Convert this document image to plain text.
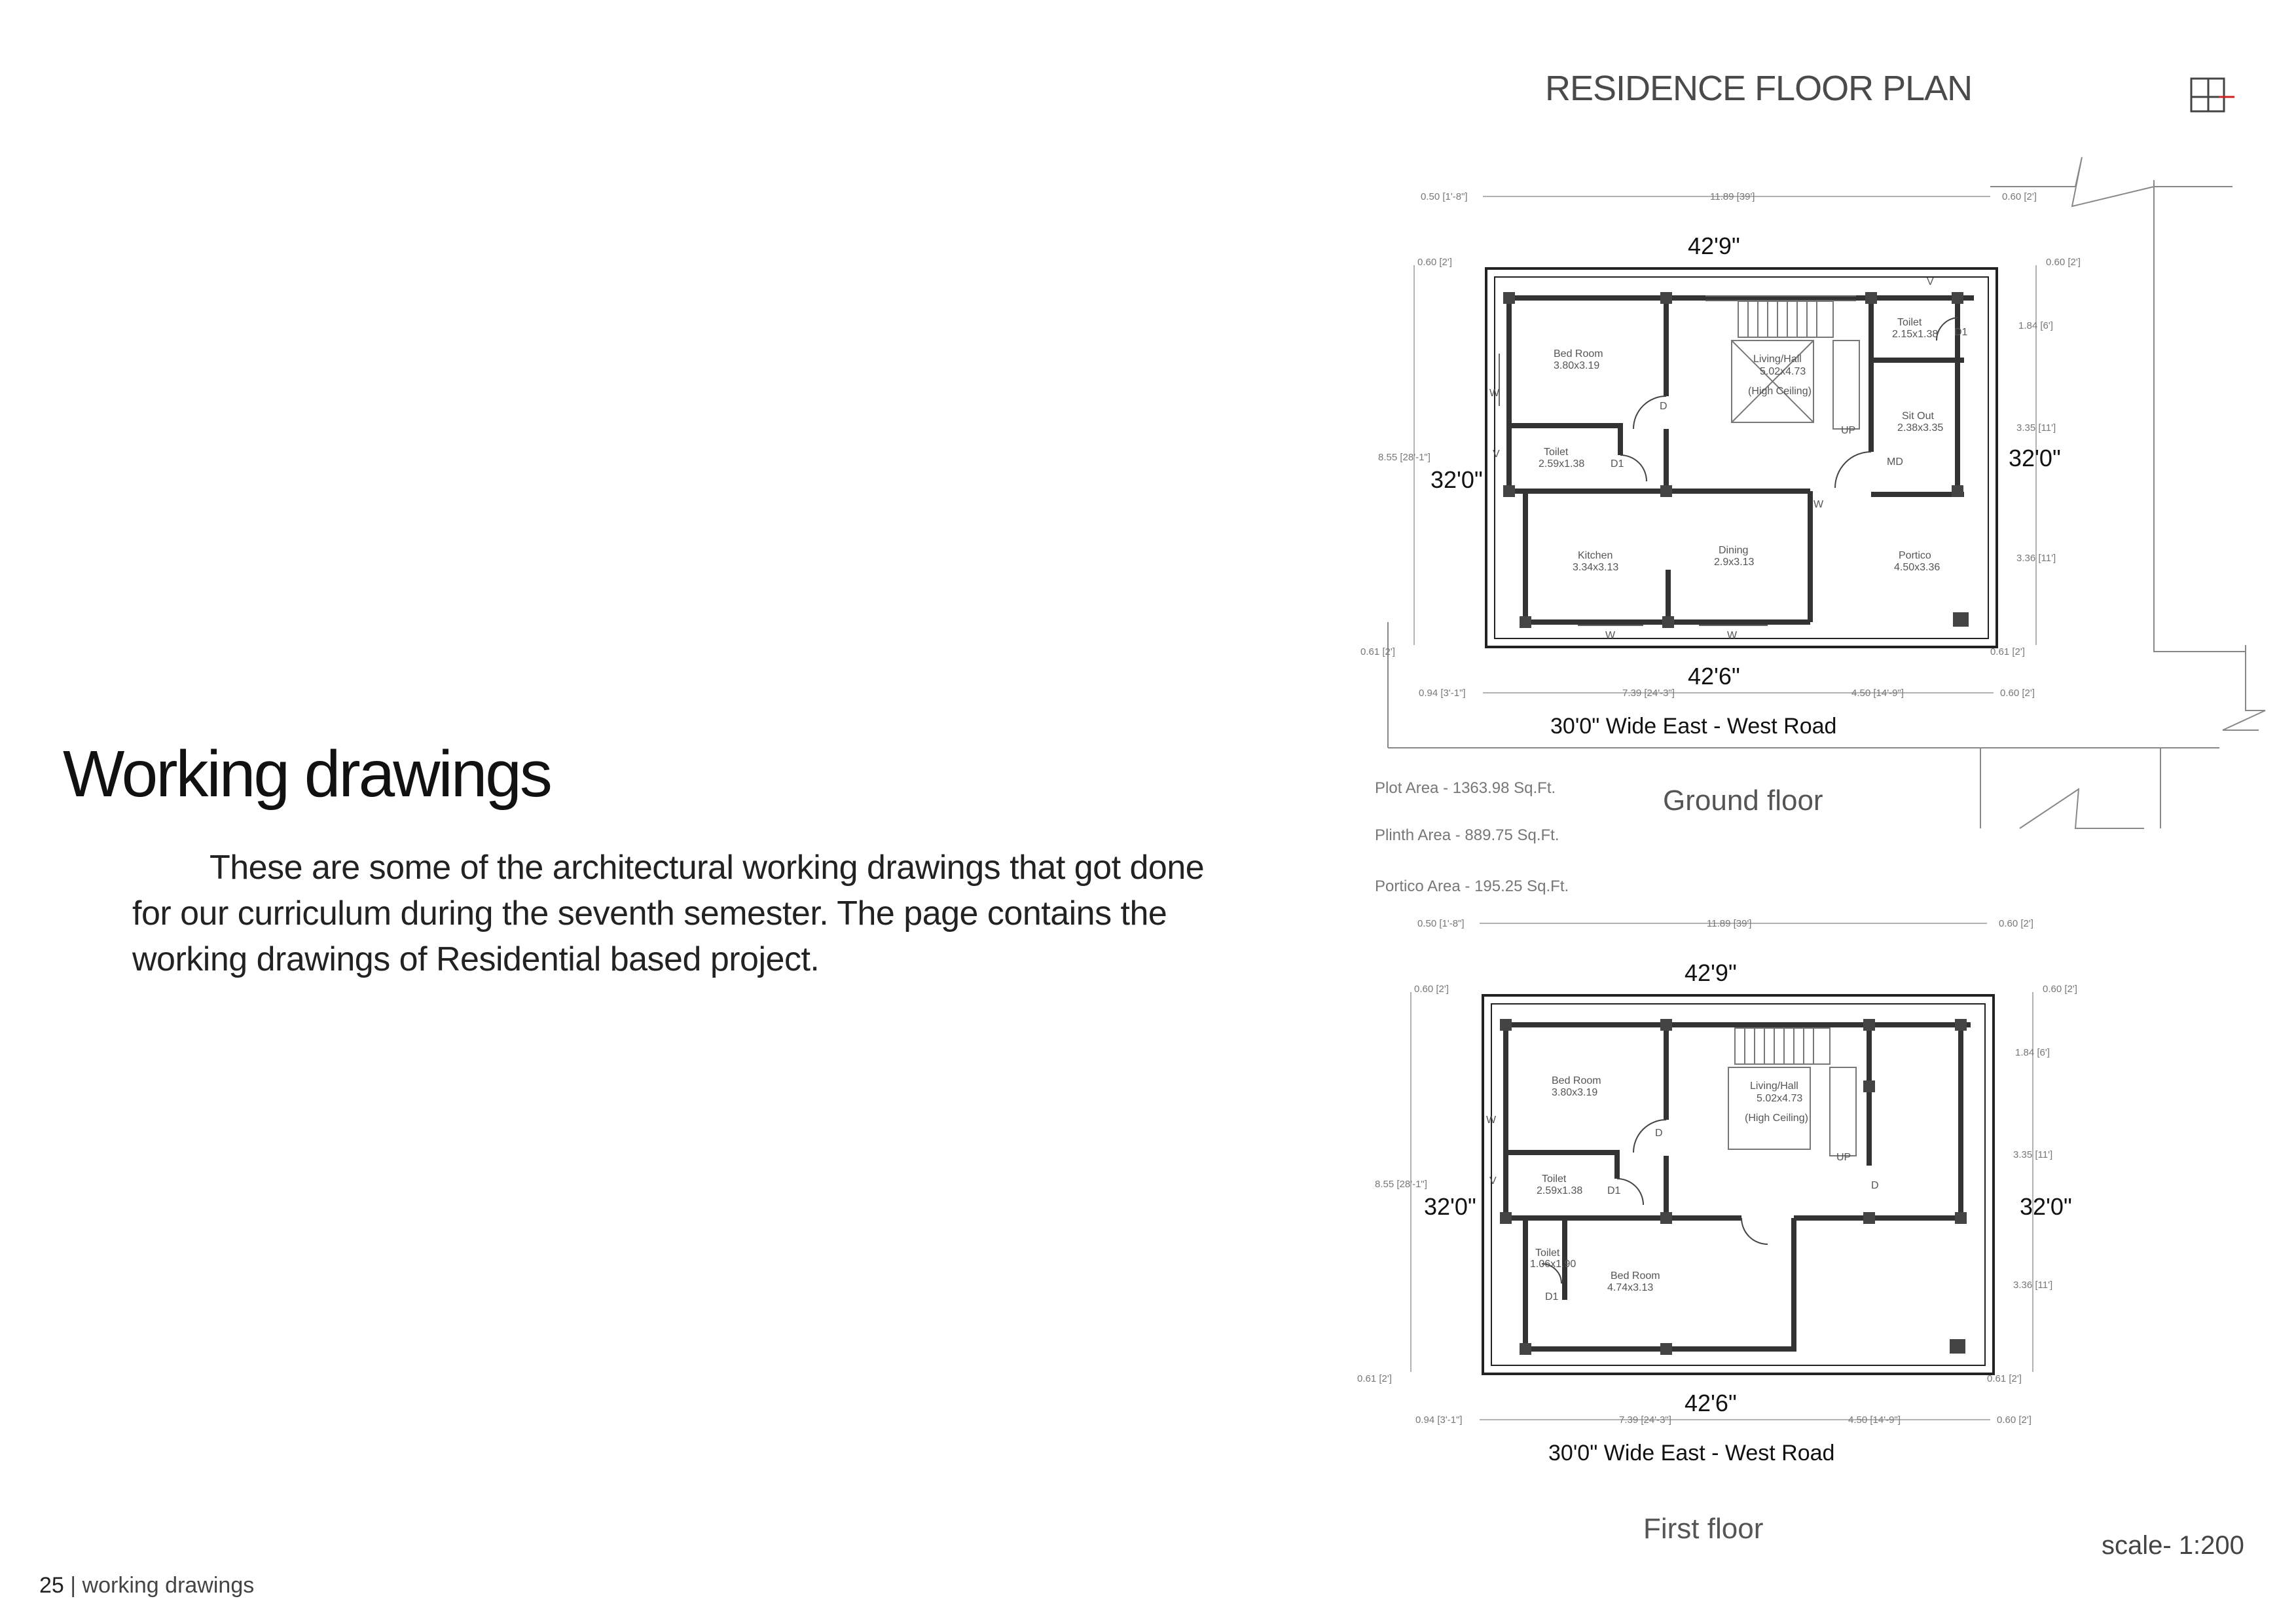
0.50 [1'-8"]	11.89 [39']	0.60 [2']
0.94 [3'-1"]	7.39 [24'-3"]	4.50 [14'-9"]	0.60 [2']
0.60 [2']
8.55 [28'-1"]
0.61 [2']
0.60 [2']
1.84 [6']
3.35 [11']
3.36 [11']
0.61 [2']
42'9"
42'6"
32'0"
32'0"
30'0" Wide East - West Road
Bed Room
3.80x3.19
Toilet
2.59x1.38
Living/Hall
5.02x4.73
(High Ceiling)
Toilet
2.15x1.38
Sit Out
2.38x3.35
Kitchen
3.34x3.13
Dining
2.9x3.13
Portico
4.50x3.36
W
V
D
D1
D1
MD
UP
V
W
W	W
0.50 [1'-8"]	11.89 [39']	0.60 [2']
0.94 [3'-1"]	7.39 [24'-3"]	4.50 [14'-9"]	0.60 [2']
0.60 [2']
8.55 [28'-1"]
0.61 [2']
0.60 [2']
1.84 [6']
3.35 [11']
3.36 [11']
0.61 [2']
42'9"
42'6"
32'0"	32'0"
30'0" Wide East - West Road
Bed Room
3.80x3.19
Toilet
2.59x1.38
Living/Hall
5.02x4.73
(High Ceiling)
Toilet
1.06x1.90
Bed Room
4.74x3.13
W
V
D
D1	D
UP
D1
RESIDENCE FLOOR PLAN
Working drawings

These are some of the architectural working drawings that got done for our curriculum during the seventh semester. The page contains the working drawings of Residential based project.

Plot Area - 1363.98 Sq.Ft.
Plinth Area - 889.75 Sq.Ft.
Portico Area - 195.25 Sq.Ft.
Ground floor
First floor
scale- 1:200
25 | working drawings
